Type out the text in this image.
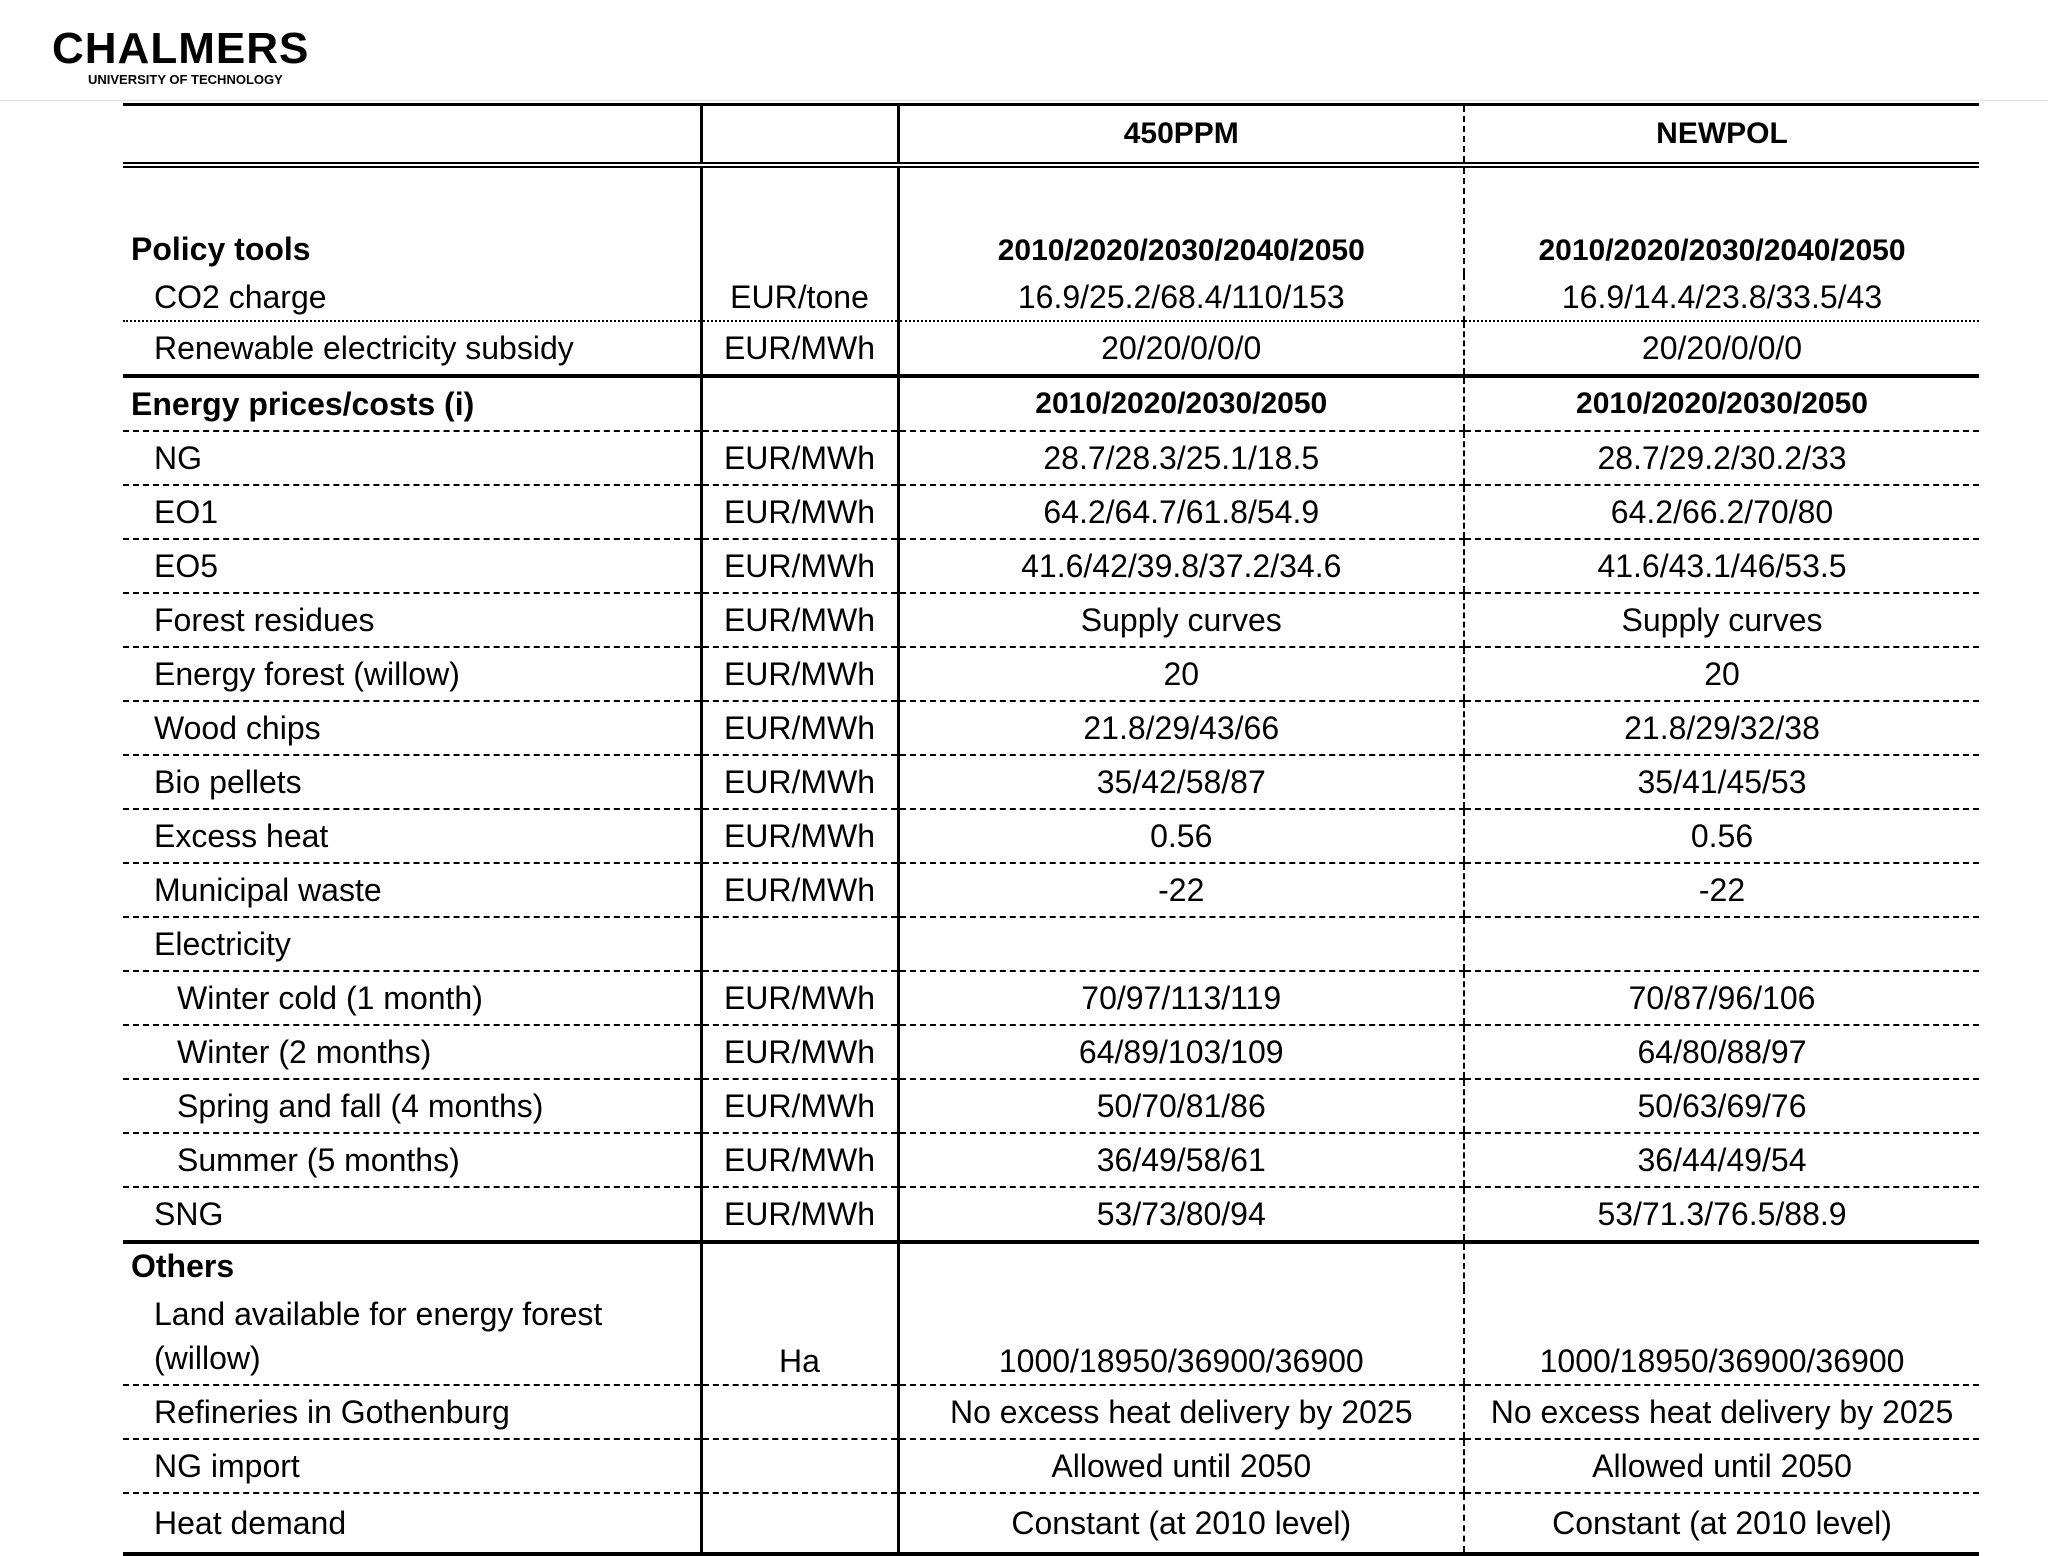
CHALMERS
UNIVERSITY OF TECHNOLOGY
		450PPM	NEWPOL
Policy tools		2010/2020/2030/2040/2050	2010/2020/2030/2040/2050
CO2 charge	EUR/tone	16.9/25.2/68.4/110/153	16.9/14.4/23.8/33.5/43
Renewable electricity subsidy	EUR/MWh	20/20/0/0/0	20/20/0/0/0
Energy prices/costs (i)		2010/2020/2030/2050	2010/2020/2030/2050
NG	EUR/MWh	28.7/28.3/25.1/18.5	28.7/29.2/30.2/33
EO1	EUR/MWh	64.2/64.7/61.8/54.9	64.2/66.2/70/80
EO5	EUR/MWh	41.6/42/39.8/37.2/34.6	41.6/43.1/46/53.5
Forest residues	EUR/MWh	Supply curves	Supply curves
Energy forest (willow)	EUR/MWh	20	20
Wood chips	EUR/MWh	21.8/29/43/66	21.8/29/32/38
Bio pellets	EUR/MWh	35/42/58/87	35/41/45/53
Excess heat	EUR/MWh	0.56	0.56
Municipal waste	EUR/MWh	-22	-22
Electricity			
Winter cold (1 month)	EUR/MWh	70/97/113/119	70/87/96/106
Winter (2 months)	EUR/MWh	64/89/103/109	64/80/88/97
Spring and fall (4 months)	EUR/MWh	50/70/81/86	50/63/69/76
Summer (5 months)	EUR/MWh	36/49/58/61	36/44/49/54
SNG	EUR/MWh	53/73/80/94	53/71.3/76.5/88.9
Others			
Land available for energy forest (willow)	Ha	1000/18950/36900/36900	1000/18950/36900/36900
Refineries in Gothenburg		No excess heat delivery by 2025	No excess heat delivery by 2025
NG import		Allowed until 2050	Allowed until 2050
Heat demand		Constant (at 2010 level)	Constant (at 2010 level)
